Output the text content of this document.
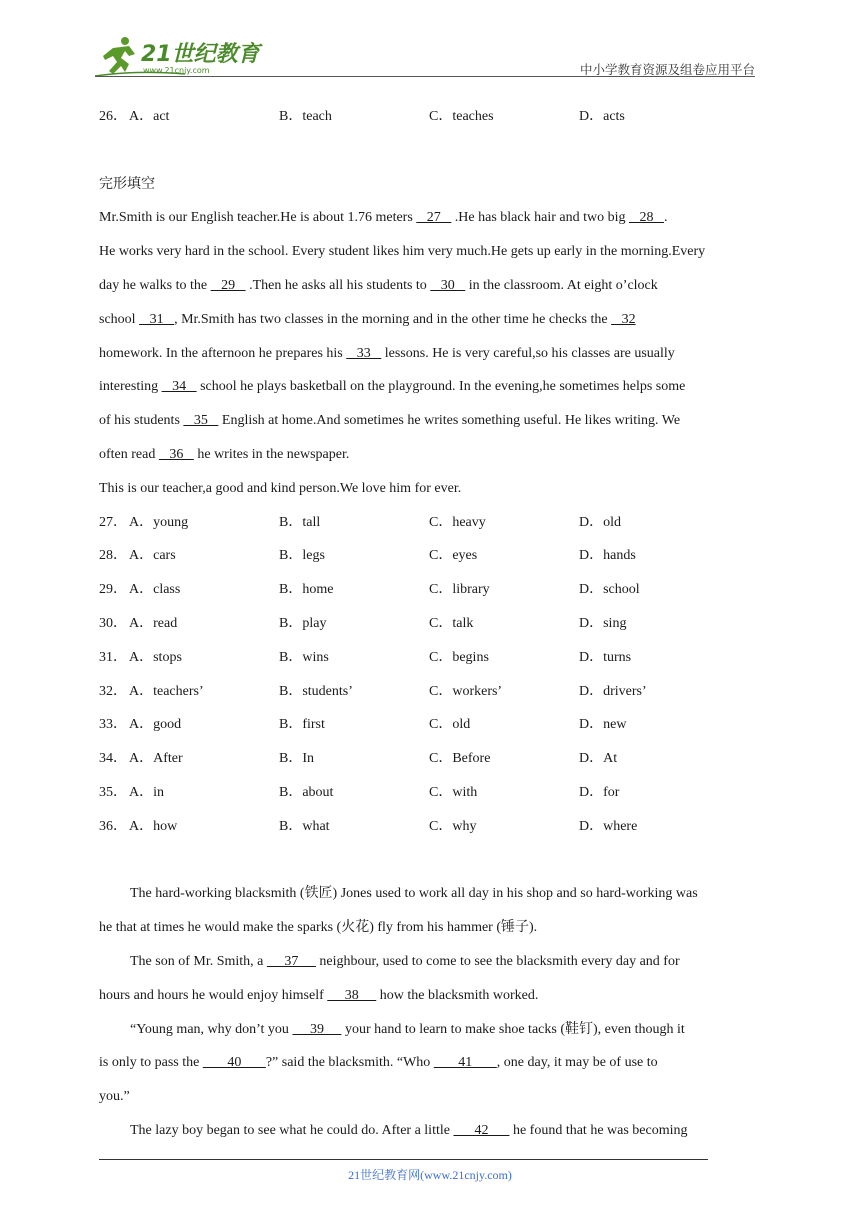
21世纪教育
www.21cnjy.com	中小学教育资源及组卷应用平台
26． A．act	B．teach	C．teaches	D．acts
完形填空
Mr.Smith is our English teacher.He is about 1.76 meters    27    .He has black hair and two big    28   .
He works very hard in the school. Every student likes him very much.He gets up early in the morning.Every
day he walks to the    29    .Then he asks all his students to    30    in the classroom. At eight o’clock
school    31   , Mr.Smith has two classes in the morning and in the other time he checks the    32
homework. In the afternoon he prepares his    33    lessons. He is very careful,so his classes are usually
interesting    34    school he plays basketball on the playground. In the evening,he sometimes helps some
of his students    35    English at home.And sometimes he writes something useful. He likes writing. We
often read    36    he writes in the newspaper.
This is our teacher,a good and kind person.We love him for ever.
27． A．young	B．tall	C．heavy	D．old
28． A．cars	B．legs	C．eyes	D．hands
29． A．class	B．home	C．library	D．school
30． A．read	B．play	C．talk	D．sing
31． A．stops	B．wins	C．begins	D．turns
32． A．teachers’	B．students’	C．workers’	D．drivers’
33． A．good	B．first	C．old	D．new
34． A．After	B．In	C．Before	D．At
35． A．in	B．about	C．with	D．for
36． A．how	B．what	C．why	D．where
The hard-working blacksmith (铁匠) Jones used to work all day in his shop and so hard-working was
he that at times he would make the sparks (火花) fly from his hammer (锤子).
The son of Mr. Smith, a      37      neighbour, used to come to see the blacksmith every day and for
hours and hours he would enjoy himself      38      how the blacksmith worked.
“Young man, why don’t you      39      your hand to learn to make shoe tacks (鞋钉), even though it
is only to pass the        40       ?” said the blacksmith. “Who        41       , one day, it may be of use to
you.”
The lazy boy began to see what he could do. After a little       42       he found that he was becoming
21世纪教育网(www.21cnjy.com)
